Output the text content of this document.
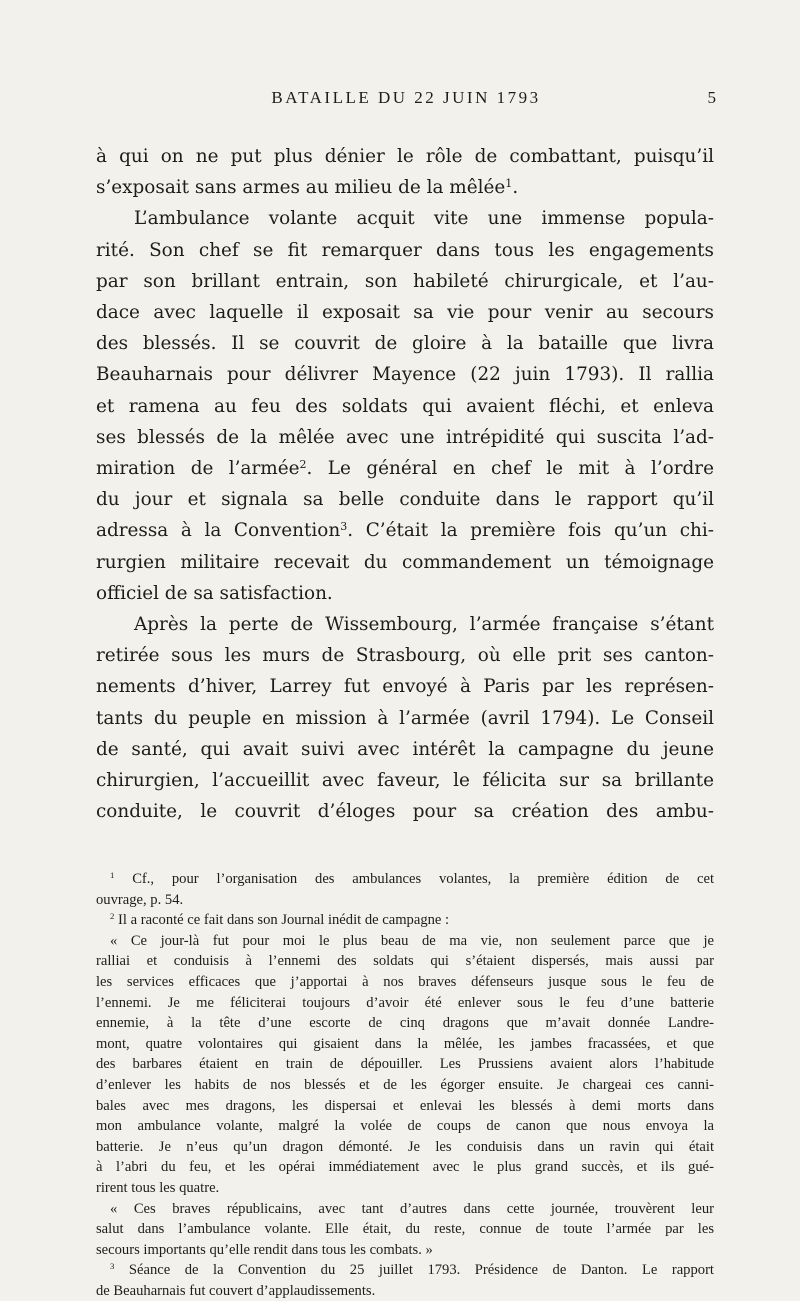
BATAILLE DU 22 JUIN 1793	5
à qui on ne put plus dénier le rôle de combattant, puisqu’il
s’exposait sans armes au milieu de la mêlée$^1$.
L’ambulance volante acquit vite une immense popula-
rité. Son chef se fit remarquer dans tous les engagements
par son brillant entrain, son habileté chirurgicale, et l’au-
dace avec laquelle il exposait sa vie pour venir au secours
des blessés. Il se couvrit de gloire à la bataille que livra
Beauharnais pour délivrer Mayence (22 juin 1793). Il rallia
et ramena au feu des soldats qui avaient fléchi, et enleva
ses blessés de la mêlée avec une intrépidité qui suscita l’ad-
miration de l’armée$^2$. Le général en chef le mit à l’ordre
du jour et signala sa belle conduite dans le rapport qu’il
adressa à la Convention$^3$. C’était la première fois qu’un chi-
rurgien militaire recevait du commandement un témoignage
officiel de sa satisfaction.
Après la perte de Wissembourg, l’armée française s’étant
retirée sous les murs de Strasbourg, où elle prit ses canton-
nements d’hiver, Larrey fut envoyé à Paris par les représen-
tants du peuple en mission à l’armée (avril 1794). Le Conseil
de santé, qui avait suivi avec intérêt la campagne du jeune
chirurgien, l’accueillit avec faveur, le félicita sur sa brillante
conduite, le couvrit d’éloges pour sa création des ambu-
$^1$ Cf., pour l’organisation des ambulances volantes, la première édition de cet
ouvrage, p. 54.
$^2$ Il a raconté ce fait dans son Journal inédit de campagne :
« Ce jour-là fut pour moi le plus beau de ma vie, non seulement parce que je
ralliai et conduisis à l’ennemi des soldats qui s’étaient dispersés, mais aussi par
les services efficaces que j’apportai à nos braves défenseurs jusque sous le feu de
l’ennemi. Je me féliciterai toujours d’avoir été enlever sous le feu d’une batterie
ennemie, à la tête d’une escorte de cinq dragons que m’avait donnée Landre-
mont, quatre volontaires qui gisaient dans la mêlée, les jambes fracassées, et que
des barbares étaient en train de dépouiller. Les Prussiens avaient alors l’habitude
d’enlever les habits de nos blessés et de les égorger ensuite. Je chargeai ces canni-
bales avec mes dragons, les dispersai et enlevai les blessés à demi morts dans
mon ambulance volante, malgré la volée de coups de canon que nous envoya la
batterie. Je n’eus qu’un dragon démonté. Je les conduisis dans un ravin qui était
à l’abri du feu, et les opérai immédiatement avec le plus grand succès, et ils gué-
rirent tous les quatre.
« Ces braves républicains, avec tant d’autres dans cette journée, trouvèrent leur
salut dans l’ambulance volante. Elle était, du reste, connue de toute l’armée par les
secours importants qu’elle rendit dans tous les combats. »
$^3$ Séance de la Convention du 25 juillet 1793. Présidence de Danton. Le rapport
de Beauharnais fut couvert d’applaudissements.
